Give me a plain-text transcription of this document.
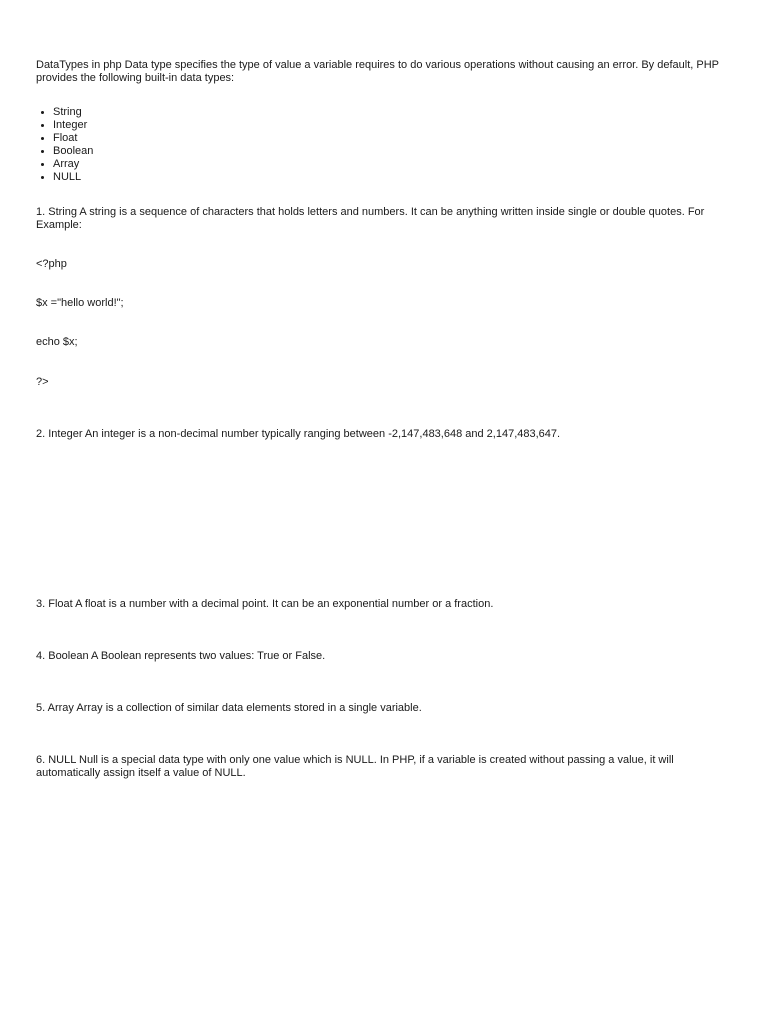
DataTypes in php Data type specifies the type of value a variable requires to do various operations without causing an error. By default, PHP provides the following built-in data types:

String
Integer
Float
Boolean
Array
NULL

1. String A string is a sequence of characters that holds letters and numbers. It can be anything written inside single or double quotes. For Example:

<?php

$x ="hello world!";

echo $x;

?>

2. Integer An integer is a non-decimal number typically ranging between -2,147,483,648 and 2,147,483,647.

3. Float A float is a number with a decimal point. It can be an exponential number or a fraction.

4. Boolean A Boolean represents two values: True or False.

5. Array Array is a collection of similar data elements stored in a single variable.

6. NULL Null is a special data type with only one value which is NULL. In PHP, if a variable is created without passing a value, it will automatically assign itself a value of NULL.
